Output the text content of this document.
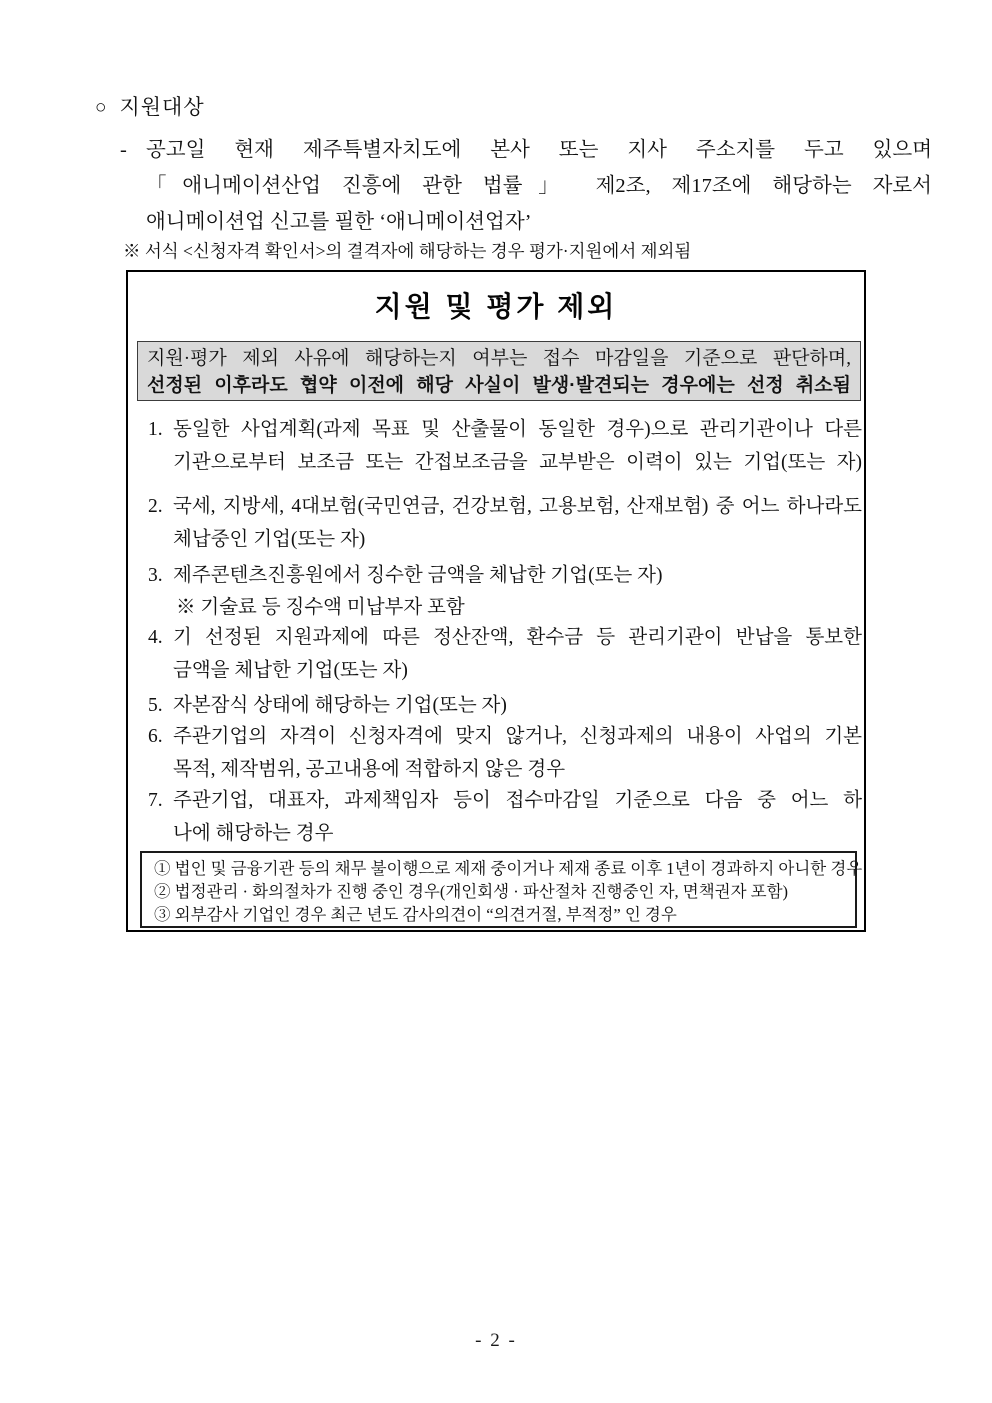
○ 지원대상
- 공고일 현재 제주특별자치도에 본사 또는 지사 주소지를 두고 있으며
「애니메이션산업 진흥에 관한 법률」 제2조, 제17조에 해당하는 자로서
애니메이션업 신고를 필한 ‘애니메이션업자’
※ 서식 <신청자격 확인서>의 결격자에 해당하는 경우 평가·지원에서 제외됨
지원 및 평가 제외
지원·평가 제외 사유에 해당하는지 여부는 접수 마감일을 기준으로 판단하며,
선정된 이후라도 협약 이전에 해당 사실이 발생·발견되는 경우에는 선정 취소됨
1. 동일한 사업계획(과제 목표 및 산출물이 동일한 경우)으로 관리기관이나 다른
기관으로부터 보조금 또는 간접보조금을 교부받은 이력이 있는 기업(또는 자)
2. 국세, 지방세, 4대보험(국민연금, 건강보험, 고용보험, 산재보험) 중 어느 하나라도
체납중인 기업(또는 자)
3. 제주콘텐츠진흥원에서 징수한 금액을 체납한 기업(또는 자)
※ 기술료 등 징수액 미납부자 포함
4. 기 선정된 지원과제에 따른 정산잔액, 환수금 등 관리기관이 반납을 통보한
금액을 체납한 기업(또는 자)
5. 자본잠식 상태에 해당하는 기업(또는 자)
6. 주관기업의 자격이 신청자격에 맞지 않거나, 신청과제의 내용이 사업의 기본
목적, 제작범위, 공고내용에 적합하지 않은 경우
7. 주관기업, 대표자, 과제책임자 등이 접수마감일 기준으로 다음 중 어느 하
나에 해당하는 경우
① 법인 및 금융기관 등의 채무 불이행으로 제재 중이거나 제재 종료 이후 1년이 경과하지 아니한 경우
② 법정관리 · 화의절차가 진행 중인 경우(개인회생 · 파산절차 진행중인 자, 면책권자 포함)
③ 외부감사 기업인 경우 최근 년도 감사의견이 “의견거절, 부적정” 인 경우
- 2 -
